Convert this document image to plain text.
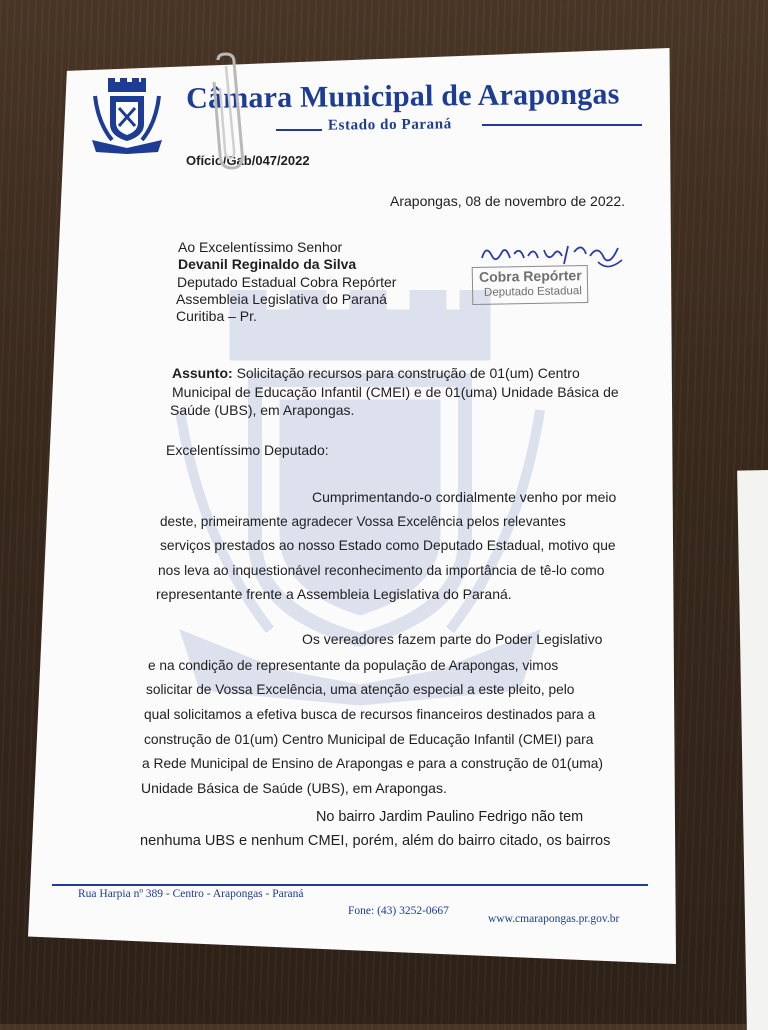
Câmara Municipal de Arapongas
Estado do Paraná
Ofício/Gab/047/2022
Arapongas, 08 de novembro de 2022.
Ao Excelentíssimo Senhor
Devanil Reginaldo da Silva
Deputado Estadual Cobra Repórter
Assembleia Legislativa do Paraná
Curitiba – Pr.
Cobra Repórter
Deputado Estadual
Assunto: Solicitação recursos para construção de 01(um) Centro
Municipal de Educação Infantil (CMEI) e de 01(uma) Unidade Básica de
Saúde (UBS), em Arapongas.
Excelentíssimo Deputado:
Cumprimentando-o cordialmente venho por meio
deste, primeiramente agradecer Vossa Excelência pelos relevantes
serviços prestados ao nosso Estado como Deputado Estadual, motivo que
nos leva ao inquestionável reconhecimento da importância de tê-lo como
representante frente a Assembleia Legislativa do Paraná.
Os vereadores fazem parte do Poder Legislativo
e na condição de representante da população de Arapongas, vimos
solicitar de Vossa Excelência, uma atenção especial a este pleito, pelo
qual solicitamos a efetiva busca de recursos financeiros destinados para a
construção de 01(um) Centro Municipal de Educação Infantil (CMEI) para
a Rede Municipal de Ensino de Arapongas e para a construção de 01(uma)
Unidade Básica de Saúde (UBS), em Arapongas.
No bairro Jardim Paulino Fedrigo não tem
nenhuma UBS e nenhum CMEI, porém, além do bairro citado, os bairros
Rua Harpia nº 389 - Centro - Arapongas - Paraná
Fone: (43) 3252-0667
www.cmarapongas.pr.gov.br
